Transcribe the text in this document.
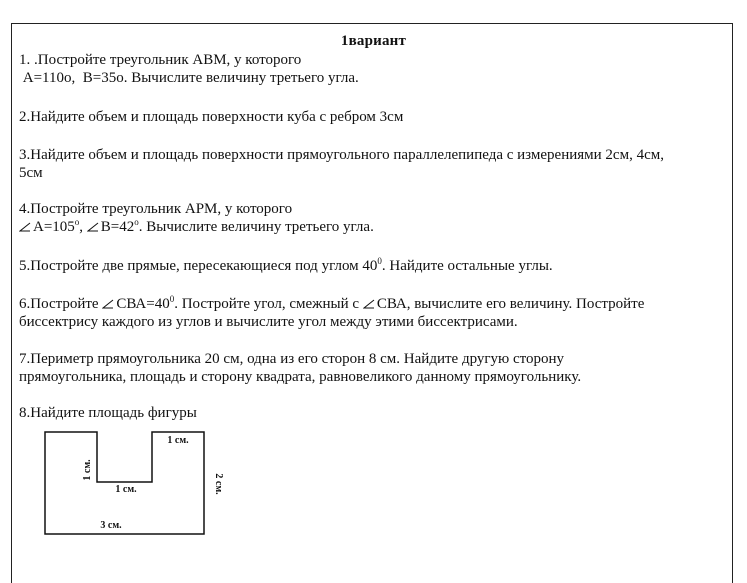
1вариант
1. .Постройте треугольник АВМ, у которого
А=110о,  В=35о. Вычислите величину третьего угла.
2.Найдите объем и площадь поверхности куба с ребром 3см
3.Найдите объем и площадь поверхности прямоугольного параллелепипеда с измерениями 2см, 4см,
5см
4.Постройте треугольник АРМ, у которого
$А=105^о$, $В=42^о$. Вычислите величину третьего угла.
5.Постройте две прямые, пересекающиеся под углом $40^0$. Найдите остальные углы.
6.Постройте $СВА=40^0$. Постройте угол, смежный с СВА, вычислите его величину. Постройте
биссектрису каждого из углов и вычислите угол между этими биссектрисами.
7.Периметр прямоугольника 20 см, одна из его сторон 8 см. Найдите другую сторону
прямоугольника, площадь и сторону квадрата, равновеликого данному прямоугольнику.
8.Найдите площадь фигуры
1 см.
1 см.
1 см.	2 см.
3 см.
